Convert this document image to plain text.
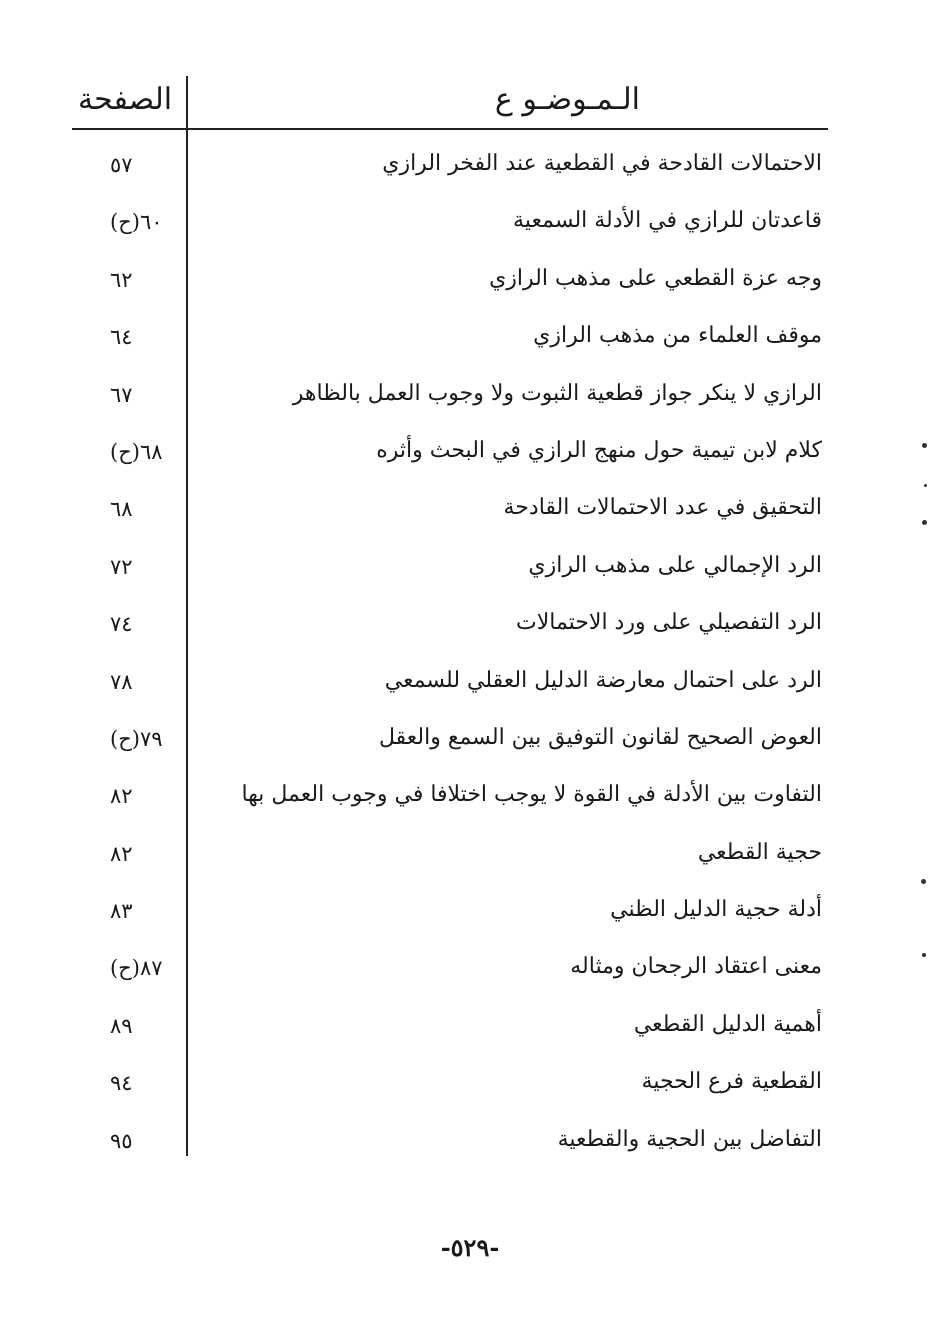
الـمـوضـو ع
الصفحة
الاحتمالات القادحة في القطعية عند الفخر الرازي
٥٧
قاعدتان للرازي في الأدلة السمعية
٦٠(ح)
وجه عزة القطعي على مذهب الرازي
٦٢
موقف العلماء من مذهب الرازي
٦٤
الرازي لا ينكر جواز قطعية الثبوت ولا وجوب العمل بالظاهر
٦٧
كلام لابن تيمية حول منهج الرازي في البحث وأثره
٦٨(ح)
التحقيق في عدد الاحتمالات القادحة
٦٨
الرد الإجمالي على مذهب الرازي
٧٢
الرد التفصيلي على ورد الاحتمالات
٧٤
الرد على احتمال معارضة الدليل العقلي للسمعي
٧٨
العوض الصحيح لقانون التوفيق بين السمع والعقل
٧٩(ح)
التفاوت بين الأدلة في القوة لا يوجب اختلافا في وجوب العمل بها
٨٢
حجية القطعي
٨٢
أدلة حجية الدليل الظني
٨٣
معنى اعتقاد الرجحان ومثاله
٨٧(ح)
أهمية الدليل القطعي
٨٩
القطعية فرع الحجية
٩٤
التفاضل بين الحجية والقطعية
٩٥
-٥٢٩-
